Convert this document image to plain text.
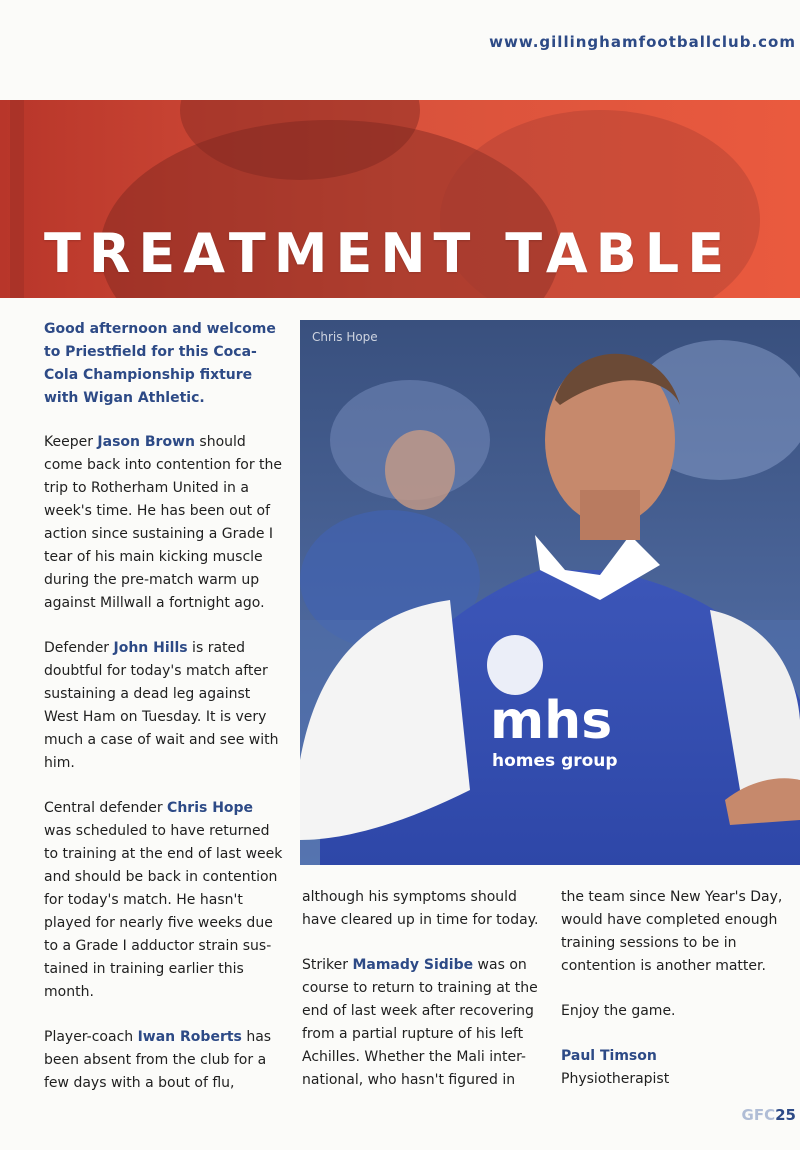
www.gillinghamfootballclub.com
TREATMENT TABLE
mhs
homes group
Chris Hope
Good afternoon and welcome to Priestfield for this Coca-Cola Championship fixture with Wigan Athletic.

Keeper Jason Brown should come back into contention for the trip to Rotherham United in a week's time. He has been out of action since sustaining a Grade I tear of his main kicking muscle during the pre-match warm up against Millwall a fortnight ago.

Defender John Hills is rated doubtful for today's match after sustaining a dead leg against West Ham on Tuesday. It is very much a case of wait and see with him.

Central defender Chris Hope was scheduled to have returned to training at the end of last week and should be back in contention for today's match. He hasn't played for nearly five weeks due to a Grade I adductor strain sus-tained in training earlier this month.

Player-coach Iwan Roberts has been absent from the club for a few days with a bout of flu,

although his symptoms should have cleared up in time for today.

Striker Mamady Sidibe was on course to return to training at the end of last week after recovering from a partial rupture of his left Achilles. Whether the Mali inter-national, who hasn't figured in

the team since New Year's Day, would have completed enough training sessions to be in contention is another matter.

Enjoy the game.

Paul Timson
Physiotherapist

GFC25
